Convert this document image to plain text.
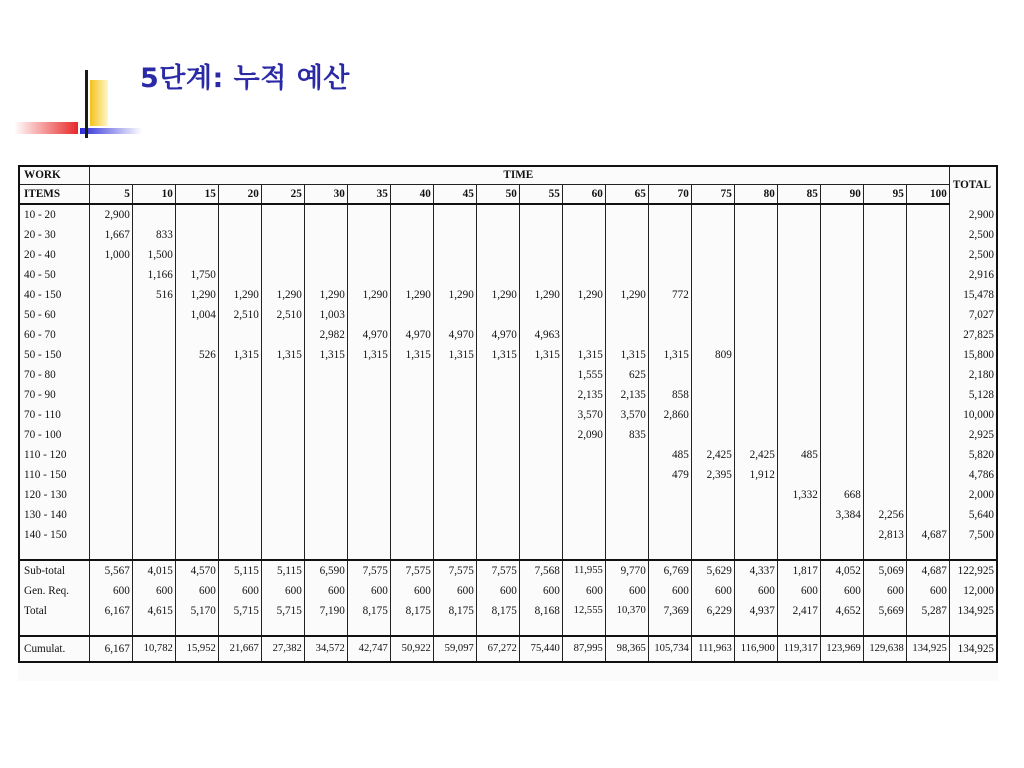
5단계: 누적 예산
WORK	TIME																				TOTAL
ITEMS	5	10	15	20	25	30	35	40	45	50	55	60	65	70	75	80	85	90	95	100	
10 - 20	2,900																				2,900
20 - 30	1,667	833																			2,500
20 - 40	1,000	1,500																			2,500
40 - 50		1,166	1,750																		2,916
40 - 150		516	1,290	1,290	1,290	1,290	1,290	1,290	1,290	1,290	1,290	1,290	1,290	772							15,478
50 - 60			1,004	2,510	2,510	1,003															7,027
60 - 70						2,982	4,970	4,970	4,970	4,970	4,963										27,825
50 - 150			526	1,315	1,315	1,315	1,315	1,315	1,315	1,315	1,315	1,315	1,315	1,315	809						15,800
70 - 80												1,555	625								2,180
70 - 90												2,135	2,135	858							5,128
70 - 110												3,570	3,570	2,860							10,000
70 - 100												2,090	835								2,925
110 - 120														485	2,425	2,425	485				5,820
110 - 150														479	2,395	1,912					4,786
120 - 130																	1,332	668			2,000
130 - 140																		3,384	2,256		5,640
140 - 150																			2,813	4,687	7,500

Sub-total	5,567	4,015	4,570	5,115	5,115	6,590	7,575	7,575	7,575	7,575	7,568	11,955	9,770	6,769	5,629	4,337	1,817	4,052	5,069	4,687	122,925
Gen. Req.	600	600	600	600	600	600	600	600	600	600	600	600	600	600	600	600	600	600	600	600	12,000
Total	6,167	4,615	5,170	5,715	5,715	7,190	8,175	8,175	8,175	8,175	8,168	12,555	10,370	7,369	6,229	4,937	2,417	4,652	5,669	5,287	134,925

Cumulat.	6,167	10,782	15,952	21,667	27,382	34,572	42,747	50,922	59,097	67,272	75,440	87,995	98,365	105,734	111,963	116,900	119,317	123,969	129,638	134,925	134,925
